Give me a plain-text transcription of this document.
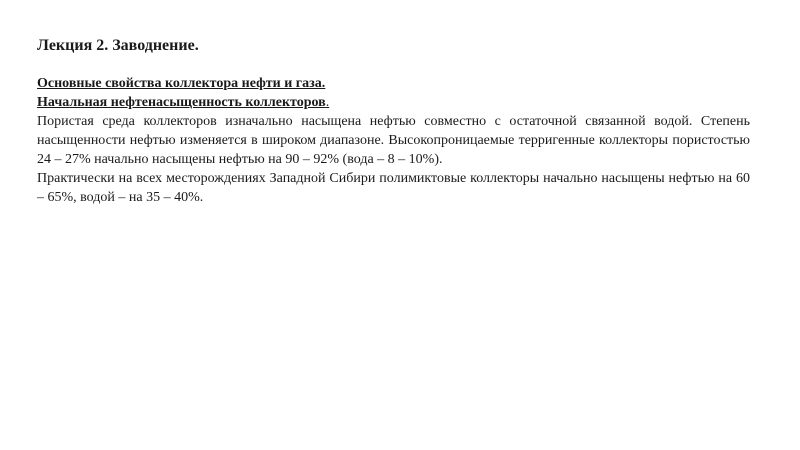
Лекция 2. Заводнение.
Основные свойства коллектора нефти и газа.
Начальная нефтенасыщенность коллекторов.

Пористая среда коллекторов изначально насыщена нефтью совместно с остаточной связанной водой. Степень насыщенности нефтью изменяется в широком диапазоне. Высокопроницаемые терригенные коллекторы пористостью 24 – 27% начально насыщены нефтью на 90 – 92% (вода – 8 – 10%).

Практически на всех месторождениях Западной Сибири полимиктовые коллекторы начально насыщены нефтью на 60 – 65%, водой – на 35 – 40%.
